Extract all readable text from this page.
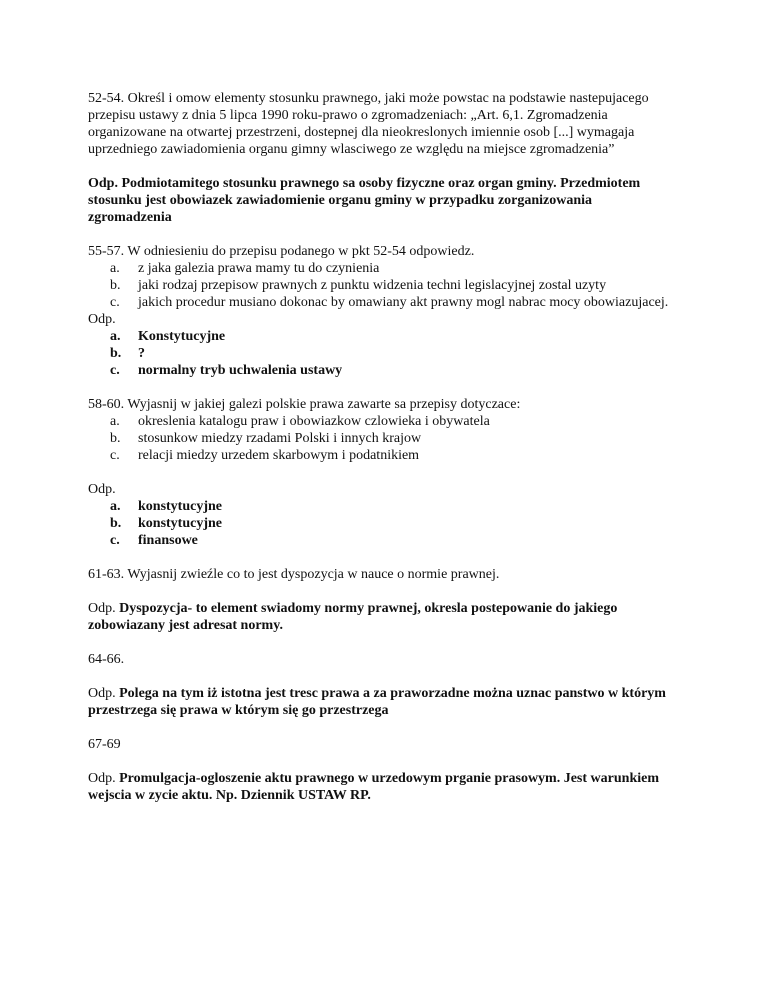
52-54. Określ i omow elementy stosunku prawnego, jaki może powstac na podstawie nastepujacego przepisu ustawy z dnia 5 lipca 1990 roku-prawo o zgromadzeniach: „Art. 6,1. Zgromadzenia organizowane na otwartej przestrzeni, dostepnej dla nieokreslonych imiennie osob [...] wymagaja uprzedniego zawiadomienia organu gimny wlasciwego ze względu na miejsce zgromadzenia”

Odp. Podmiotamitego stosunku prawnego sa osoby fizyczne oraz organ gminy. Przedmiotem stosunku jest obowiazek zawiadomienie organu gminy w przypadku zorganizowania zgromadzenia

55-57. W odniesieniu do przepisu podanego w pkt 52-54 odpowiedz.

a.	z jaka galezia prawa mamy tu do czynienia
b.	jaki rodzaj przepisow prawnych z punktu widzenia techni legislacyjnej zostal uzyty
c.	jakich procedur musiano dokonac by omawiany akt prawny mogl nabrac mocy obowiazujacej.

Odp.

a.	Konstytucyjne
b.	?
c.	normalny tryb uchwalenia ustawy

58-60. Wyjasnij w jakiej galezi polskie prawa zawarte sa przepisy dotyczace:

a.	okreslenia katalogu praw i obowiazkow czlowieka i obywatela
b.	stosunkow miedzy rzadami Polski i innych krajow
c.	relacji miedzy urzedem skarbowym i podatnikiem

Odp.

a.	konstytucyjne
b.	konstytucyjne
c.	finansowe

61-63. Wyjasnij zwieźle co to jest dyspozycja w nauce o normie prawnej.

Odp. Dyspozycja- to element swiadomy normy prawnej, okresla postepowanie do jakiego zobowiazany jest adresat normy.

64-66.

Odp. Polega na tym iż istotna jest tresc prawa a za praworzadne można uznac panstwo w którym przestrzega się prawa w którym się go przestrzega

67-69

Odp. Promulgacja-ogloszenie aktu prawnego w urzedowym prganie prasowym. Jest warunkiem wejscia w zycie aktu. Np. Dziennik USTAW RP.
